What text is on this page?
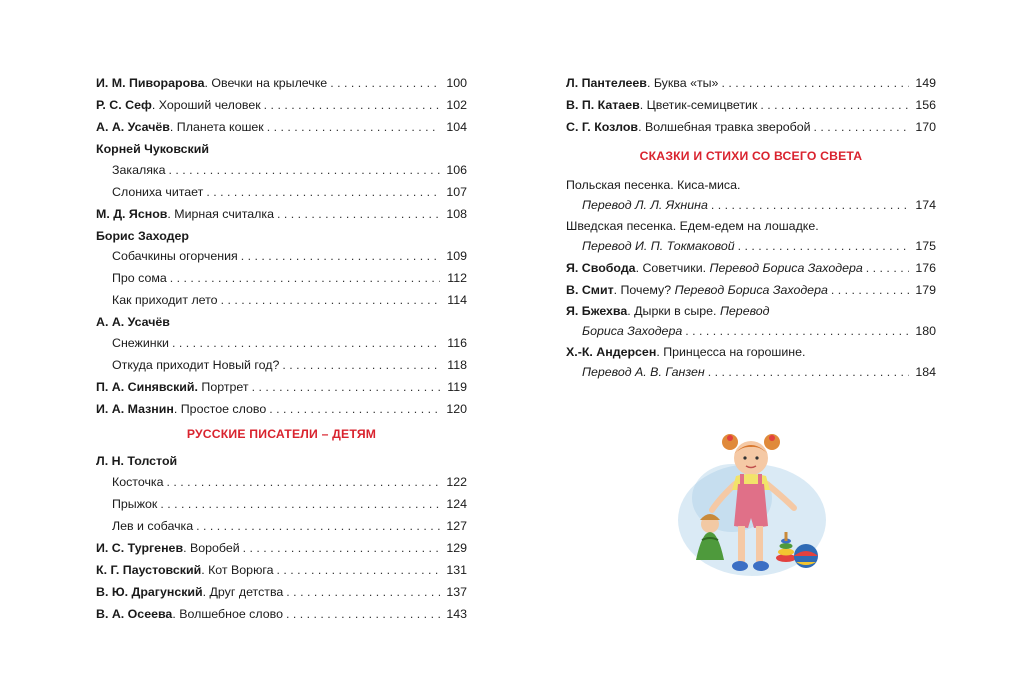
И. М. Пиворарова. Овечки на крылечке . . .	100
Р. С. Сеф. Хороший человек . . .	102
А. А. Усачёв. Планета кошек . . .	104
Корней Чуковский
Закаляка . . .	106
Слониха читает . . .	107
М. Д. Яснов. Мирная считалка . . .	108
Борис Заходер
Собачкины огорчения . . .	109
Про сома . . .	112
Как приходит лето . . .	114
А. А. Усачёв
Снежинки . . .	116
Откуда приходит Новый год? . . .	118
П. А. Синявский. Портрет . . .	119
И. А. Мазнин. Простое слово . . .	120
РУССКИЕ ПИСАТЕЛИ – ДЕТЯМ
Л. Н. Толстой
Косточка . . .	122
Прыжок . . .	124
Лев и собачка . . .	127
И. С. Тургенев. Воробей . . .	129
К. Г. Паустовский. Кот Ворюга . . .	131
В. Ю. Драгунский. Друг детства . . .	137
В. А. Осеева. Волшебное слово . . .	143
Л. Пантелеев. Буква «ты» . . .	149
В. П. Катаев. Цветик-семицветик . . .	156
С. Г. Козлов. Волшебная травка зверобой . . .	170
СКАЗКИ И СТИХИ СО ВСЕГО СВЕТА
Польская песенка. Киса-миса.
Перевод Л. Л. Яхнина . . .	174
Шведская песенка. Едем-едем на лошадке.
Перевод И. П. Токмаковой . . .	175
Я. Свобода. Советчики. Перевод Бориса Заходера . . .	176
В. Смит. Почему? Перевод Бориса Заходера . . .	179
Я. Бжехва. Дырки в сыре. Перевод
Бориса Заходера . . .	180
Х.-К. Андерсен. Принцесса на горошине.
Перевод А. В. Ганзен . . .	184
